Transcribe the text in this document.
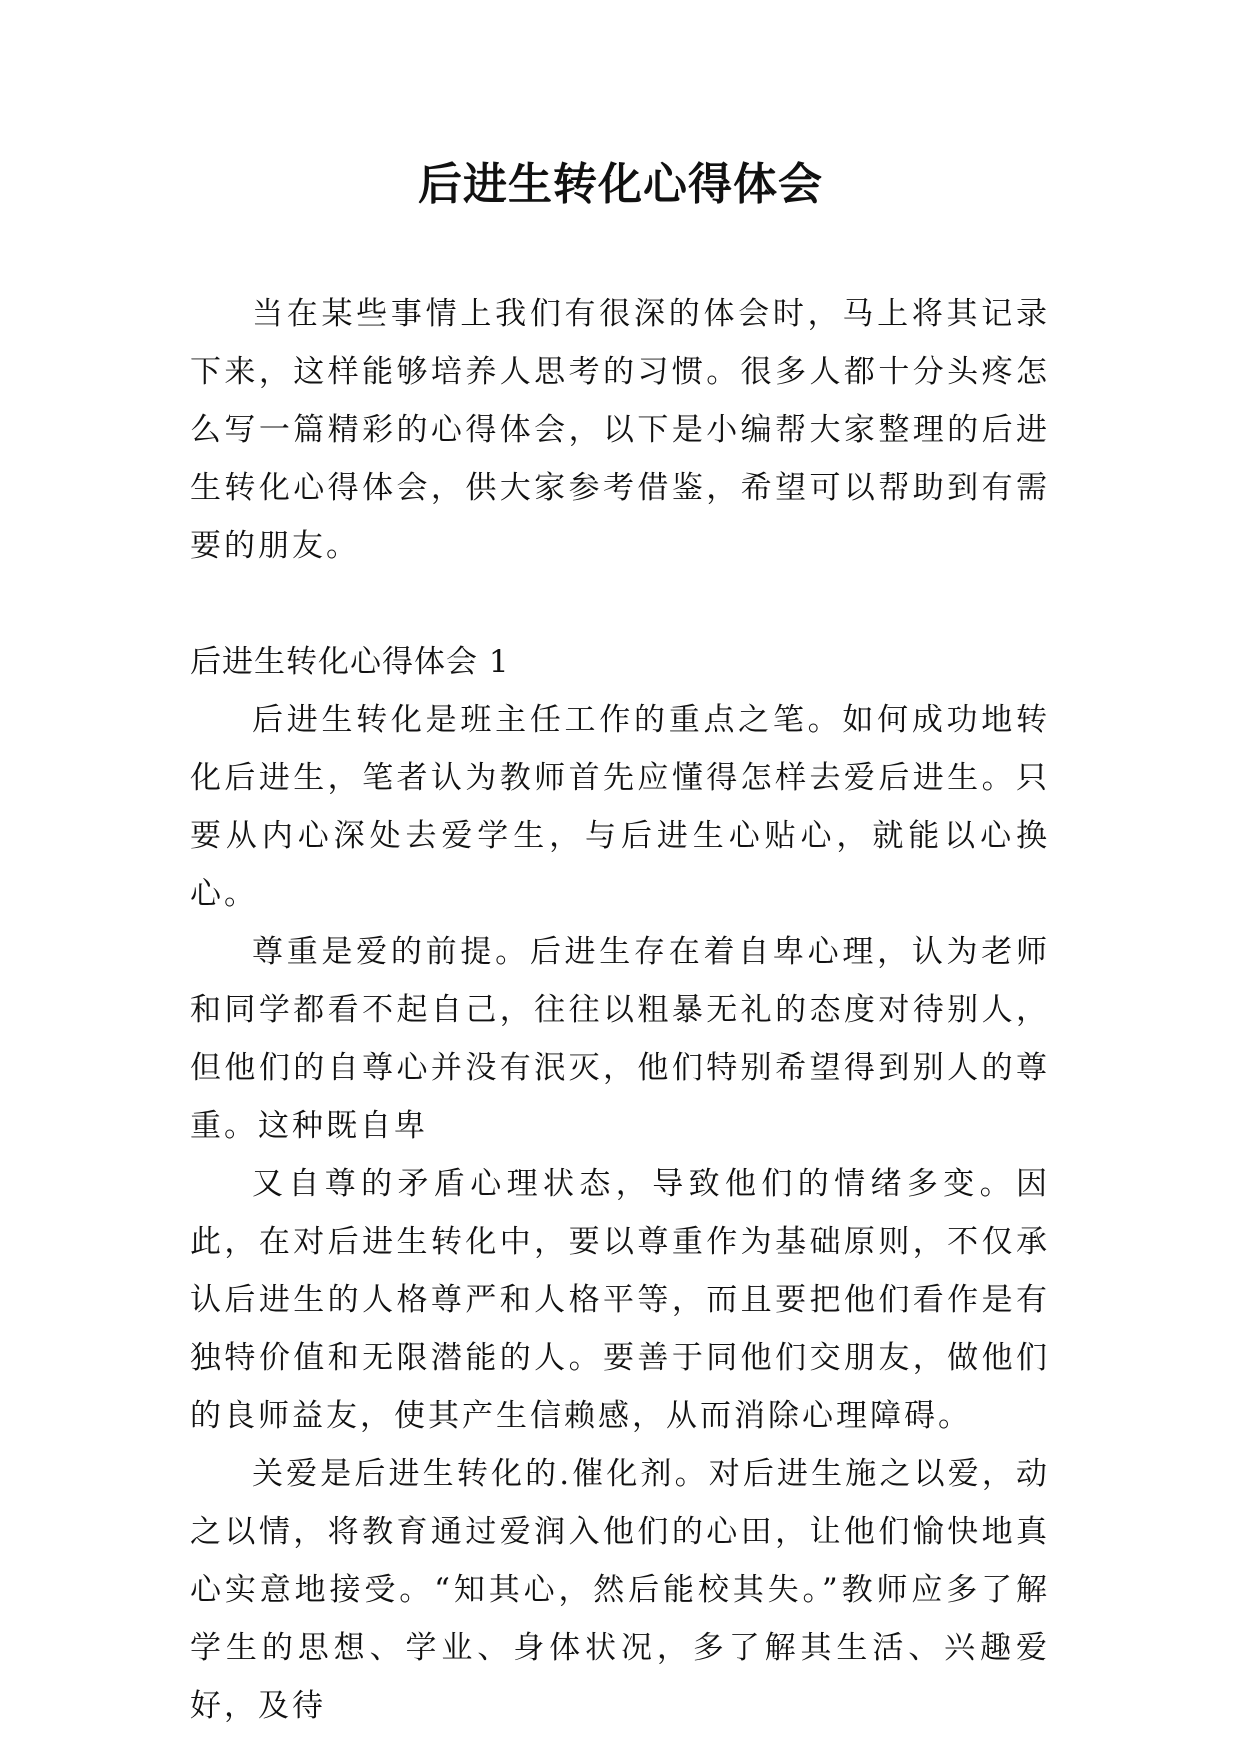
后进生转化心得体会

当在某些事情上我们有很深的体会时，马上将其记录下来，这样能够培养人思考的习惯。很多人都十分头疼怎么写一篇精彩的心得体会，以下是小编帮大家整理的后进生转化心得体会，供大家参考借鉴，希望可以帮助到有需要的朋友。

后进生转化心得体会 1

后进生转化是班主任工作的重点之笔。如何成功地转化后进生，笔者认为教师首先应懂得怎样去爱后进生。只要从内心深处去爱学生，与后进生心贴心，就能以心换心。

尊重是爱的前提。后进生存在着自卑心理，认为老师和同学都看不起自己，往往以粗暴无礼的态度对待别人，但他们的自尊心并没有泯灭，他们特别希望得到别人的尊重。这种既自卑

又自尊的矛盾心理状态，导致他们的情绪多变。因此，在对后进生转化中，要以尊重作为基础原则，不仅承认后进生的人格尊严和人格平等，而且要把他们看作是有独特价值和无限潜能的人。要善于同他们交朋友，做他们的良师益友，使其产生信赖感，从而消除心理障碍。

关爱是后进生转化的.催化剂。对后进生施之以爱，动之以情，将教育通过爱润入他们的心田，让他们愉快地真心实意地接受。“知其心，然后能校其失。”教师应多了解学生的思想、学业、身体状况，多了解其生活、兴趣爱好，及待
